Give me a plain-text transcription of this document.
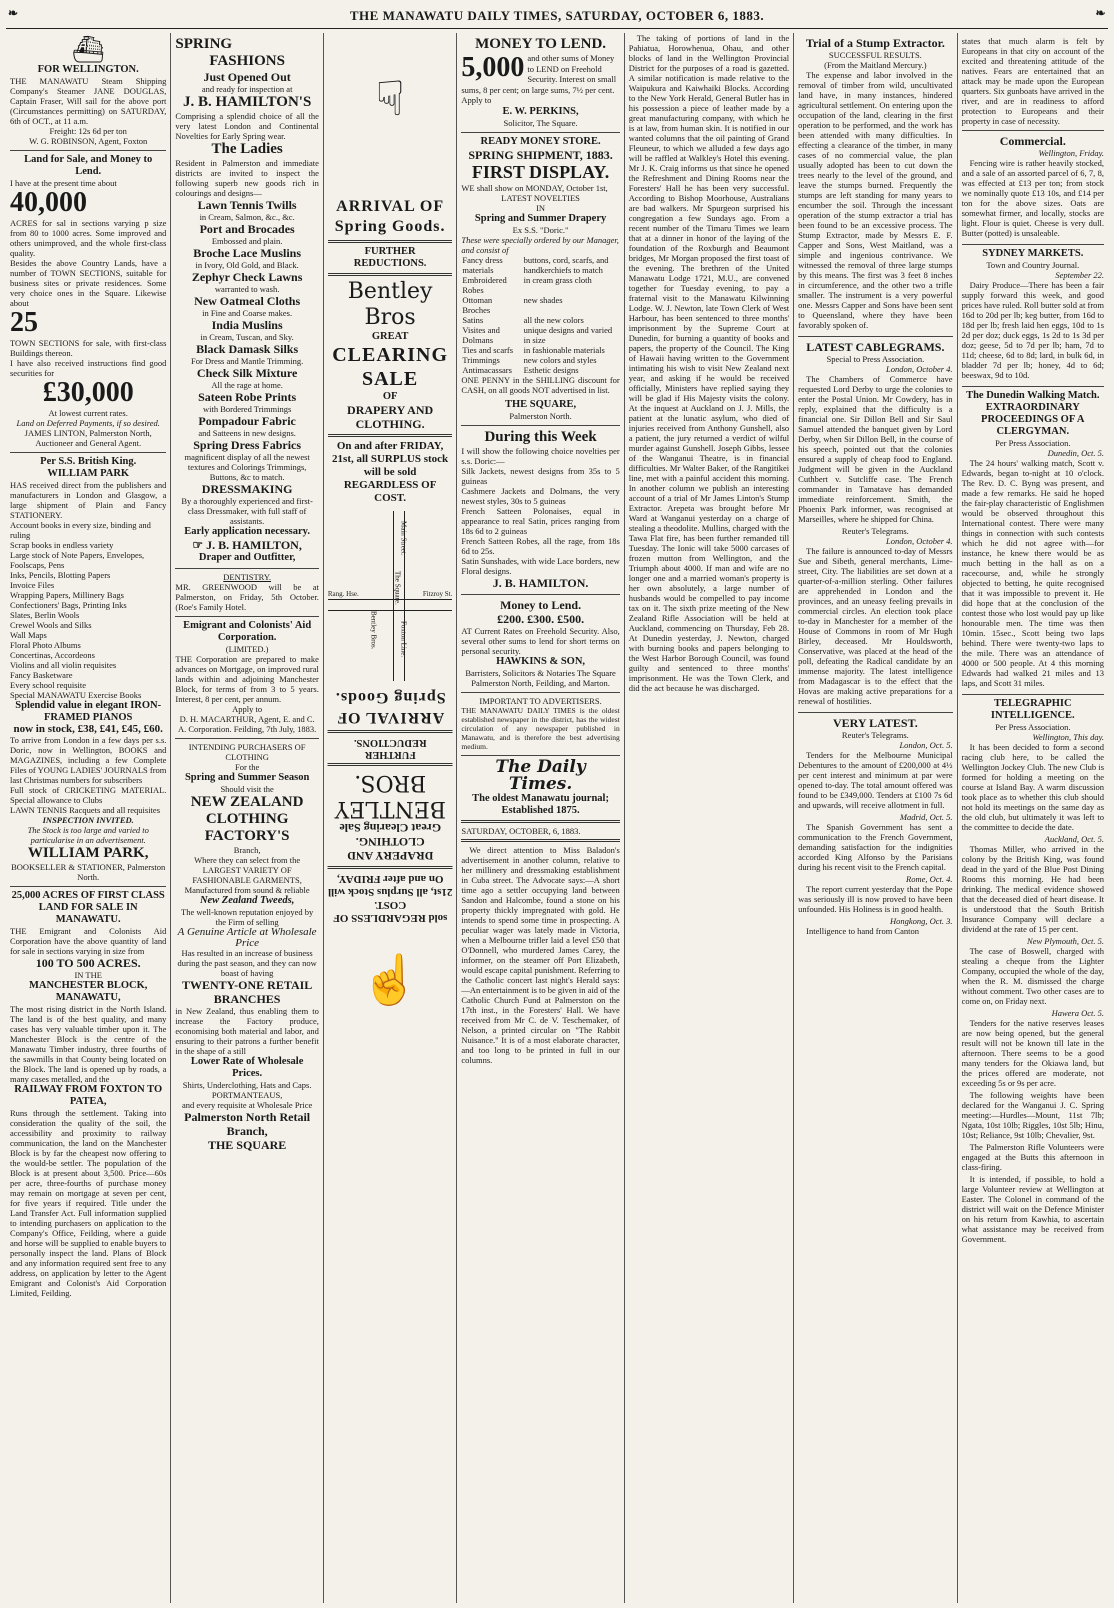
❧	THE MANAWATU DAILY TIMES, SATURDAY, OCTOBER 6, 1883.	❧
⛴
FOR WELLINGTON.
THE MANAWATU Steam Shipping Company's Steamer JANE DOUGLAS, Captain Fraser, Will sail for the above port (Circumstances permitting) on SATURDAY, 6th of OCT., at 11 a.m.
Freight: 12s 6d per ton
W. G. ROBINSON, Agent, Foxton
Land for Sale, and Money to Lend.
I have at the present time about
40,000
ACRES for sal in sections varying p size from 80 to 1000 acres. Some improved and others unimproved, and the whole first-class quality.
Besides the above Country Lands, have a number of TOWN SECTIONS, suitable for business sites or private residences. Some very choice ones in the Square. Likewise about
25
TOWN SECTIONS for sale, with first-class Buildings thereon.
I have also received instructions find good securities for
£30,000
At lowest current rates.
Land on Deferred Payments, if so desired.
JAMES LINTON, Palmerston North, Auctioneer and General Agent.
Per S.S. British King.
WILLIAM PARK
HAS received direct from the publishers and manufacturers in London and Glasgow, a large shipment of Plain and Fancy STATIONERY.
Account books in every size, binding and ruling
Scrap books in endless variety
Large stock of Note Papers, Envelopes, Foolscaps, Pens
Inks, Pencils, Blotting Papers
Invoice Files
Wrapping Papers, Millinery Bags
Confectioners' Bags, Printing Inks
Slates, Berlin Wools
Crewel Wools and Silks
Wall Maps
Floral Photo Albums
Concertinas, Accordeons
Violins and all violin requisites
Fancy Basketware
Every school requisite
Special MANAWATU Exercise Books
Splendid value in elegant IRON-FRAMED PIANOS
now in stock, £38, £41, £45, £60.
To arrive from London in a few days per s.s. Doric, now in Wellington, BOOKS and MAGAZINES, including a few Complete Files of YOUNG LADIES' JOURNALS from last Christmas numbers for subscribers
Full stock of CRICKETING MATERIAL. Special allowance to Clubs
LAWN TENNIS Racquets and all requisites
INSPECTION INVITED.
The Stock is too large and varied to particularise in an advertisement.
WILLIAM PARK,
BOOKSELLER & STATIONER, Palmerston North.
25,000 ACRES OF FIRST CLASS LAND FOR SALE IN MANAWATU.
THE Emigrant and Colonists Aid Corporation have the above quantity of land for sale in sections varying in size from
100 TO 500 ACRES.
IN THE
MANCHESTER BLOCK, MANAWATU,
The most rising district in the North Island. The land is of the best quality, and many cases has very valuable timber upon it. The Manchester Block is the centre of the Manawatu Timber industry, three fourths of the sawmills in that County being located on the Block. The land is opened up by roads, a many cases metalled, and the
RAILWAY FROM FOXTON TO PATEA,
Runs through the settlement. Taking into consideration the quality of the soil, the accessibility and proximity to railway communication, the land on the Manchester Block is by far the cheapest now offering to the would-be settler. The population of the Block is at present about 3,500. Price—60s per acre, three-fourths of purchase money may remain on mortgage at seven per cent, for five years if required. Title under the Land Transfer Act. Full information supplied to intending purchasers on application to the Company's Office, Feilding, where a guide and horse will be supplied to enable buyers to personally inspect the land. Plans of Block and any information required sent free to any address, on application by letter to the Agent Emigrant and Colonist's Aid Corporation Limited, Feilding.
SPRING
FASHIONS
Just Opened Out
and ready for inspection at
J. B. HAMILTON'S
Comprising a splendid choice of all the very latest London and Continental Novelties for Early Spring wear.
The Ladies
Resident in Palmerston and immediate districts are invited to inspect the following superb new goods rich in colourings and designs—
Lawn Tennis Twills
in Cream, Salmon, &c., &c.
Port and Brocades
Embossed and plain.
Broche Lace Muslins
in Ivory, Old Gold, and Black.
Zephyr Check Lawns
warranted to wash.
New Oatmeal Cloths
in Fine and Coarse makes.
India Muslins
in Cream, Tuscan, and Sky.
Black Damask Silks
For Dress and Mantle Trimming.
Check Silk Mixture
All the rage at home.
Sateen Robe Prints
with Bordered Trimmings
Pompadour Fabric
and Satteens in new designs.
Spring Dress Fabrics
magnificent display of all the newest textures and Colorings Trimmings, Buttons, &c to match.
DRESSMAKING
By a thoroughly experienced and first-class Dressmaker, with full staff of assistants.
Early application necessary.
☞ J. B. HAMILTON,
Draper and Outfitter,
DENTISTRY.
MR. GREENWOOD will be at Palmerston, on Friday, 5th October. (Roe's Family Hotel.
Emigrant and Colonists' Aid Corporation.
(LIMITED.)
THE Corporation are prepared to make advances on Mortgage, on improved rural lands within and adjoining Manchester Block, for terms of from 3 to 5 years. Interest, 8 per cent, per annum.
Apply to
D. H. MACARTHUR, Agent, E. and C. A. Corporation. Feilding, 7th July, 1883.
INTENDING PURCHASERS OF CLOTHING
For the
Spring and Summer Season
Should visit the
NEW ZEALAND CLOTHING FACTORY'S
Branch,
Where they can select from the LARGEST VARIETY OF FASHIONABLE GARMENTS, Manufactured from sound & reliable
New Zealand Tweeds,
The well-known reputation enjoyed by the Firm of selling
A Genuine Article at Wholesale Price
Has resulted in an increase of business during the past season, and they can now boast of having
TWENTY-ONE RETAIL BRANCHES
in New Zealand, thus enabling them to increase the Factory produce, economising both material and labor, and ensuring to their patrons a further benefit in the shape of a still
Lower Rate of Wholesale Prices.
Shirts, Underclothing, Hats and Caps.
PORTMANTEAUS,
and every requisite at Wholesale Price
Palmerston North Retail Branch,
THE SQUARE
☟
ARRIVAL OF Spring Goods.
FURTHER REDUCTIONS.
Bentley Bros
GREAT
CLEARING
SALE
OF
DRAPERY AND
CLOTHING.
On and after FRIDAY, 21st, all SURPLUS stock will be sold REGARDLESS OF COST.
Main Street.
The Square.
Bentley Bros.
Rang. Hse.	Fitzroy St.
Foxton Line.
sold REGARDLESS OF COST.
21st, all Surplus Stock will
On and after FRIDAY,
DRAPERY AND CLOTHING.
Great Clearing Sale
BENTLEY BROS.
FURTHER REDUCTIONS.
ARRIVAL OF Spring Goods.
☝
MONEY TO LEND.
5,000 and other sums of Money to LEND on Freehold Security. Interest on small sums, 8 per cent; on large sums, 7½ per cent. Apply to
E. W. PERKINS,
Solicitor, The Square.
READY MONEY STORE.
SPRING SHIPMENT, 1883.
FIRST DISPLAY.
WE shall show on MONDAY, October 1st,
LATEST NOVELTIES
IN
Spring and Summer Drapery
Ex S.S. "Doric."
These were specially ordered by our Manager, and consist of
Fancy dress materials	buttons, cord, scarfs, and handkerchiefs to match
Embroidered Robes	in cream grass cloth
Ottoman Broches	new shades
Satins	all the new colors
Visites and Dolmans	unique designs and varied in size
Ties and scarfs	in fashionable materials
Trimmings	new colors and styles
Antimacassars	Esthetic designs
ONE PENNY in the SHILLING discount for CASH, on all goods NOT advertised in list.
THE SQUARE,
Palmerston North.
During this Week
I will show the following choice novelties per s.s. Doric:—
Silk Jackets, newest designs from 35s to 5 guineas
Cashmere Jackets and Dolmans, the very newest styles, 30s to 5 guineas
French Satteen Polonaises, equal in appearance to real Satin, prices ranging from 18s 6d to 2 guineas
French Satteen Robes, all the rage, from 18s 6d to 25s.
Satin Sunshades, with wide Lace borders, new Floral designs.
J. B. HAMILTON.
Money to Lend.
£200. £300. £500.
AT Current Rates on Freehold Security. Also, several other sums to lend for short terms on personal security.
HAWKINS & SON,
Barristers, Solicitors & Notaries The Square Palmerston North, Feilding, and Marton.
IMPORTANT TO ADVERTISERS.
THE MANAWATU DAILY TIMES is the oldest established newspaper in the district, has the widest circulation of any newspaper published in Manawatu, and is therefore the best advertising medium.
The Daily Times.
The oldest Manawatu journal; Established 1875.
SATURDAY, OCTOBER, 6, 1883.
We direct attention to Miss Baladon's advertisement in another column, relative to her millinery and dressmaking establishment in Cuba street. The Advocate says:—A short time ago a settler occupying land between Sandon and Halcombe, found a stone on his property thickly impregnated with gold. He intends to spend some time in prospecting. A peculiar wager was lately made in Victoria, when a Melbourne trifler laid a level £50 that O'Donnell, who murdered James Carey, the informer, on the steamer off Port Elizabeth, would escape capital punishment. Referring to the Catholic concert last night's Herald says:—An entertainment is to be given in aid of the Catholic Church Fund at Palmerston on the 17th inst., in the Foresters' Hall. We have received from Mr C. de V. Teschemaker, of Nelson, a printed circular on "The Rabbit Nuisance." It is of a most elaborate character, and too long to be printed in full in our columns.
The taking of portions of land in the Pahiatua, Horowhenua, Ohau, and other blocks of land in the Wellington Provincial District for the purposes of a road is gazetted. A similar notification is made relative to the Waipukura and Kaiwhaiki Blocks. According to the New York Herald, General Butler has in his possession a piece of leather made by a great manufacturing company, with which he is at law, from human skin. It is notified in our wanted columns that the oil painting of Grand Fleuneur, to which we alluded a few days ago will be raffled at Walkley's Hotel this evening. Mr J. K. Craig informs us that since he opened the Refreshment and Dining Rooms near the Foresters' Hall he has been very successful. According to Bishop Moorhouse, Australians are bad walkers. Mr Spurgeon surprised his congregation a few Sundays ago. From a recent number of the Timaru Times we learn that at a dinner in honor of the laying of the foundation of the Roxburgh and Beaumont bridges, Mr Morgan proposed the first toast of the evening. The brethren of the United Manawatu Lodge 1721, M.U., are convened together for Tuesday evening, to pay a fraternal visit to the Manawatu Kilwinning Lodge. W. J. Newton, late Town Clerk of West Harbour, has been sentenced to three months' imprisonment by the Supreme Court at Dunedin, for burning a quantity of books and papers, the property of the Council. The King of Hawaii having written to the Government intimating his wish to visit New Zealand next year, and asking if he would be received officially, Ministers have replied saying they will be glad if His Majesty visits the colony. At the inquest at Auckland on J. J. Mills, the patient at the lunatic asylum, who died of injuries received from Anthony Gunshell, also a patient, the jury returned a verdict of wilful murder against Gunshell. Joseph Gibbs, lessee of the Wanganui Theatre, is in financial difficulties. Mr Walter Baker, of the Rangitikei line, met with a painful accident this morning. In another column we publish an interesting account of a trial of Mr James Linton's Stump Extractor. Arepeta was brought before Mr Ward at Wanganui yesterday on a charge of stealing a theodolite. Mullins, charged with the Tawa Flat fire, has been further remanded till Tuesday. The Ionic will take 5000 carcases of frozen mutton from Wellington, and the Triumph about 4000. If man and wife are no longer one and a married woman's property is her own absolutely, a large number of husbands would be compelled to pay income tax on it. The sixth prize meeting of the New Zealand Rifle Association will be held at Auckland, commencing on Thursday, Feb 28. At Dunedin yesterday, J. Newton, charged with burning books and papers belonging to the West Harbor Borough Council, was found guilty and sentenced to three months' imprisonment. He was the Town Clerk, and did the act because he was discharged.
Trial of a Stump Extractor.
SUCCESSFUL RESULTS.
(From the Maitland Mercury.)
The expense and labor involved in the removal of timber from wild, uncultivated land have, in many instances, hindered agricultural settlement. On entering upon the occupation of the land, clearing in the first operation to be performed, and the work has been attended with many difficulties. In effecting a clearance of the timber, in many cases of no commercial value, the plan usually adopted has been to cut down the trees nearly to the level of the ground, and leave the stumps burned. Frequently the stumps are left standing for many years to encumber the soil. Through the incessant operation of the stump extractor a trial has been found to be an excessive process. The Stump Extractor, made by Messrs E. F. Capper and Sons, West Maitland, was a simple and ingenious contrivance. We witnessed the removal of three large stumps by this means. The first was 3 feet 8 inches in circumference, and the other two a trifle smaller. The instrument is a very powerful one. Messrs Capper and Sons have been sent to Queensland, where they have been favorably spoken of.
LATEST CABLEGRAMS.
Special to Press Association.
London, October 4.
The Chambers of Commerce have requested Lord Derby to urge the colonies to enter the Postal Union. Mr Cowdery, has in reply, explained that the difficulty is a financial one. Sir Dillon Bell and Sir Saul Samuel attended the banquet given by Lord Derby, when Sir Dillon Bell, in the course of his speech, pointed out that the colonies ensured a supply of cheap food to England. Judgment will be given in the Auckland Cuthbert v. Sutcliffe case. The French commander in Tamatave has demanded immediate reinforcement. Smith, the Phoenix Park informer, was recognised at Marseilles, where he shipped for China.
Reuter's Telegrams.
London, October 4.
The failure is announced to-day of Messrs Sue and Sibeth, general merchants, Lime-street, City. The liabilities are set down at a quarter-of-a-million sterling. Other failures are apprehended in London and the provinces, and an uneasy feeling prevails in commercial circles. An election took place to-day in Manchester for a member of the House of Commons in room of Mr Hugh Birley, deceased. Mr Houldsworth, Conservative, was placed at the head of the poll, defeating the Radical candidate by an immense majority. The latest intelligence from Madagascar is to the effect that the Hovas are making active preparations for a renewal of hostilities.
VERY LATEST.
Reuter's Telegrams.
London, Oct. 5.
Tenders for the Melbourne Municipal Debentures to the amount of £200,000 at 4½ per cent interest and minimum at par were opened to-day. The total amount offered was found to be £349,000. Tenders at £100 7s 6d and upwards, will receive allotment in full.
Madrid, Oct. 5.
The Spanish Government has sent a communication to the French Government, demanding satisfaction for the indignities accorded King Alfonso by the Parisians during his recent visit to the French capital.
Rome, Oct. 4.
The report current yesterday that the Pope was seriously ill is now proved to have been unfounded. His Holiness is in good health.
Hongkong, Oct. 3.
Intelligence to hand from Canton
states that much alarm is felt by Europeans in that city on account of the excited and threatening attitude of the natives. Fears are entertained that an attack may be made upon the European quarters. Six gunboats have arrived in the river, and are in readiness to afford protection to Europeans and their property in case of necessity.
Commercial.
Wellington, Friday.
Fencing wire is rather heavily stocked, and a sale of an assorted parcel of 6, 7, 8, was effected at £13 per ton; from stock we nominally quote £13 10s, and £14 per ton for the above sizes. Oats are somewhat firmer, and locally, stocks are light. Flour is quiet. Cheese is very dull. Butter (potted) is unsaleable.
SYDNEY MARKETS.
Town and Country Journal.
September 22.
Dairy Produce—There has been a fair supply forward this week, and good prices have ruled. Roll butter sold at from 16d to 20d per lb; keg butter, from 16d to 18d per lb; fresh laid hen eggs, 10d to 1s 2d per doz; duck eggs, 1s 2d to 1s 3d per doz; geese, 5d to 7d per lb; ham, 7d to 11d; cheese, 6d to 8d; lard, in bulk 6d, in bladder 7d per lb; honey, 4d to 6d; beeswax, 9d to 10d.
The Dunedin Walking Match.
EXTRAORDINARY PROCEEDINGS OF A CLERGYMAN.
Per Press Association.
Dunedin, Oct. 5.
The 24 hours' walking match, Scott v. Edwards, began to-night at 10 o'clock. The Rev. D. C. Byng was present, and made a few remarks. He said he hoped the fair-play characteristic of Englishmen would be observed throughout this International contest. There were many things in connection with such contests which he did not agree with—for instance, he knew there would be as much betting in the hall as on a racecourse, and, while he strongly objected to betting, he quite recognised that it was impossible to prevent it. He did hope that at the conclusion of the contest those who lost would pay up like honourable men. The time was then 10min. 15sec., Scott being two laps behind. There were twenty-two laps to the mile. There was an attendance of 4000 or 500 people. At 4 this morning Edwards had walked 21 miles and 13 laps, and Scott 31 miles.
TELEGRAPHIC INTELLIGENCE.
Per Press Association.
Wellington, This day.
It has been decided to form a second racing club here, to be called the Wellington Jockey Club. The new Club is formed for holding a meeting on the course at Island Bay. A warm discussion took place as to whether this club should not hold its meetings on the same day as the old club, but ultimately it was left to the committee to decide the date.
Auckland, Oct. 5.
Thomas Miller, who arrived in the colony by the British King, was found dead in the yard of the Blue Post Dining Rooms this morning. He had been drinking. The medical evidence showed that the deceased died of heart disease. It is understood that the South British Insurance Company will declare a dividend at the rate of 15 per cent.
New Plymouth, Oct. 5.
The case of Boswell, charged with stealing a cheque from the Lighter Company, occupied the whole of the day, when the R. M. dismissed the charge without comment. Two other cases are to come on, on Friday next.
Hawera Oct. 5.
Tenders for the native reserves leases are now being opened, but the general result will not be known till late in the afternoon. There seems to be a good many tenders for the Okiawa land, but the prices offered are moderate, not exceeding 5s or 9s per acre.
The following weights have been declared for the Wanganui J. C. Spring meeting:—Hurdles—Mount, 11st 7lb; Ngata, 10st 10lb; Riggles, 10st 5lb; Hinu, 10st; Reliance, 9st 10lb; Chevalier, 9st.
The Palmerston Rifle Volunteers were engaged at the Butts this afternoon in class-firing.
It is intended, if possible, to hold a large Volunteer review at Wellington at Easter. The Colonel in command of the district will wait on the Defence Minister on his return from Kawhia, to ascertain what assistance may be received from Government.
